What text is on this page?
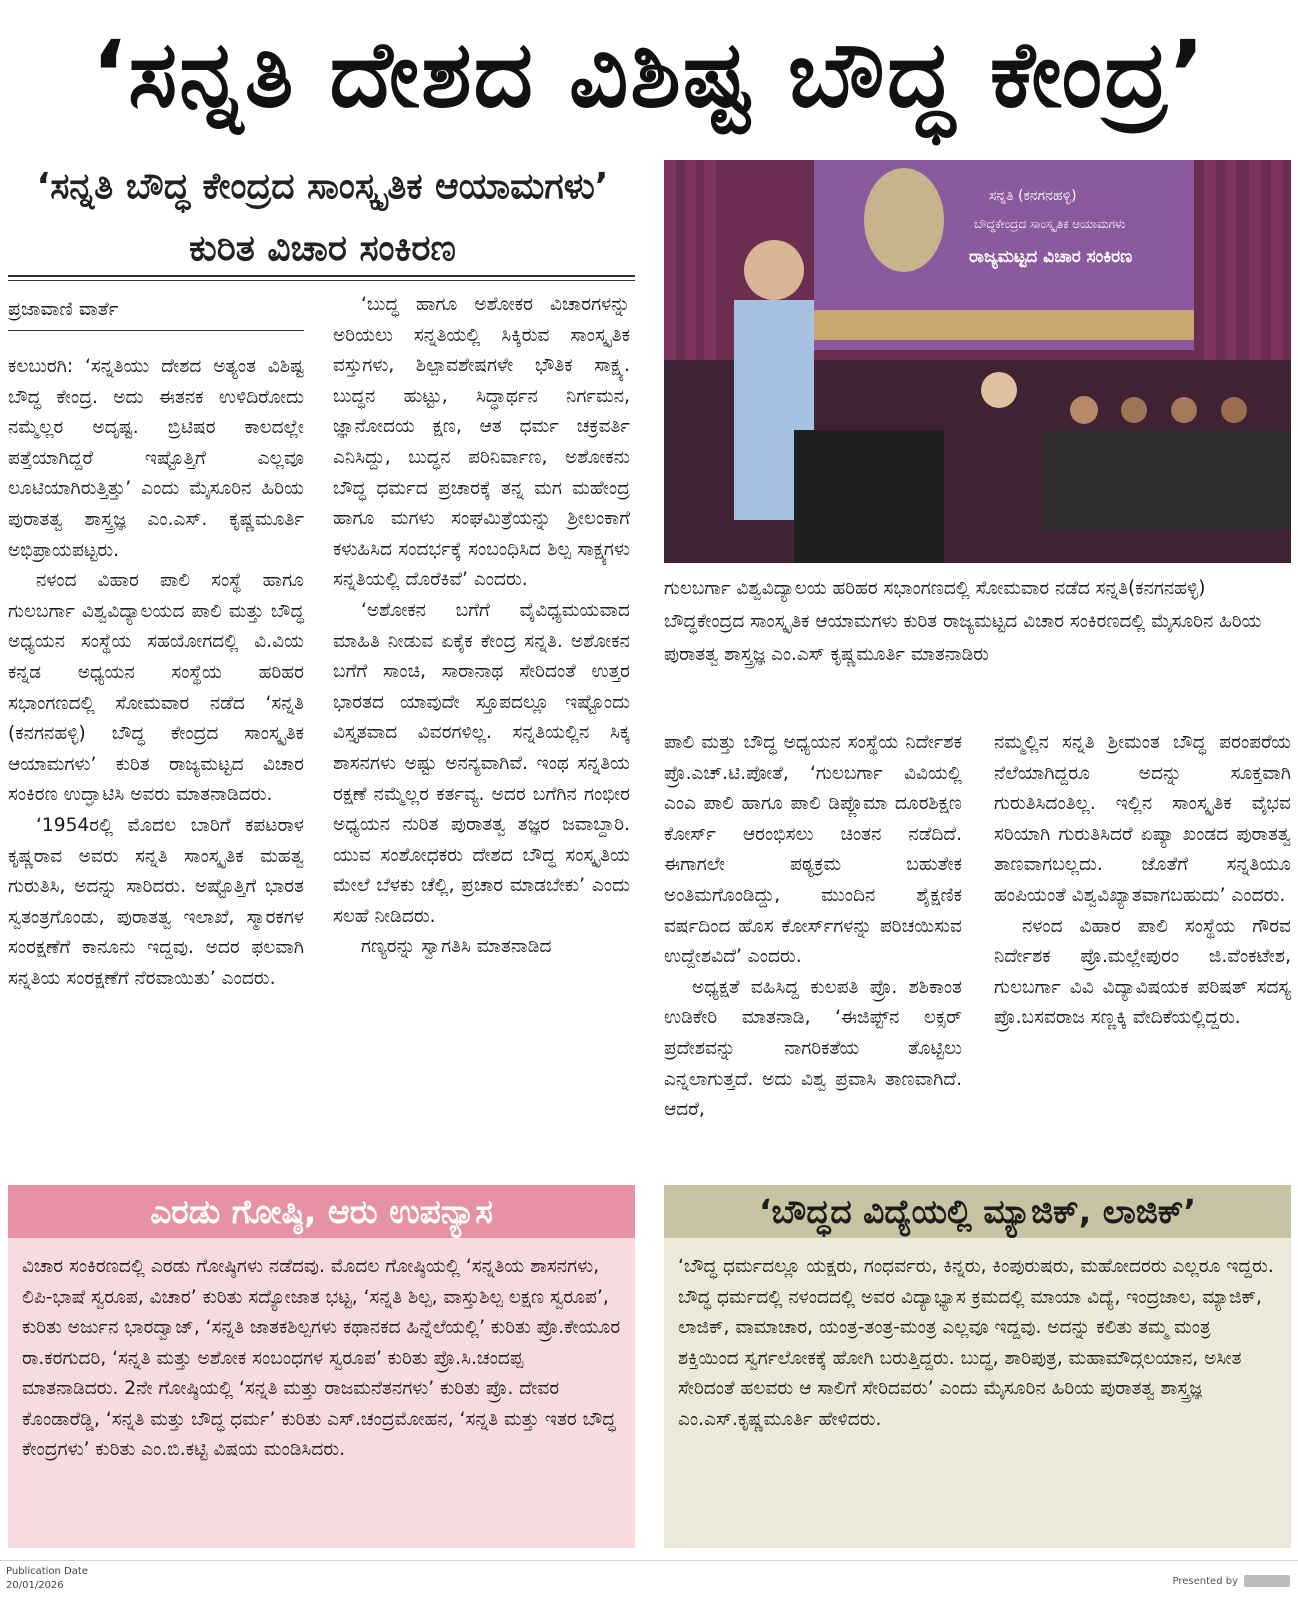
‘ಸನ್ನತಿ ದೇಶದ ವಿಶಿಷ್ಟ ಬೌದ್ಧ ಕೇಂದ್ರ’
‘ಸನ್ನತಿ ಬೌದ್ಧ ಕೇಂದ್ರದ ಸಾಂಸ್ಕೃತಿಕ ಆಯಾಮಗಳು’ ಕುರಿತ ವಿಚಾರ ಸಂಕಿರಣ
ಪ್ರಜಾವಾಣಿ ವಾರ್ತೆ

ಕಲಬುರಗಿ: ‘ಸನ್ನತಿಯು ದೇಶದ ಅತ್ಯಂತ ವಿಶಿಷ್ಟ ಬೌದ್ಧ ಕೇಂದ್ರ. ಅದು ಈತನಕ ಉಳಿದಿರೋದು ನಮ್ಮೆಲ್ಲರ ಅದೃಷ್ಟ. ಬ್ರಿಟಿಷರ ಕಾಲದಲ್ಲೇ ಪತ್ತೆಯಾಗಿದ್ದರೆ ಇಷ್ಟೊತ್ತಿಗೆ ಎಲ್ಲವೂ ಲೂಟಿಯಾಗಿರುತ್ತಿತ್ತು’ ಎಂದು ಮೈಸೂರಿನ ಹಿರಿಯ ಪುರಾತತ್ವ ಶಾಸ್ತ್ರಜ್ಞ ಎಂ.ಎಸ್. ಕೃಷ್ಣಮೂರ್ತಿ ಅಭಿಪ್ರಾಯಪಟ್ಟರು.

ನಳಂದ ವಿಹಾರ ಪಾಲಿ ಸಂಸ್ಥೆ ಹಾಗೂ ಗುಲಬರ್ಗಾ ವಿಶ್ವವಿದ್ಯಾಲಯದ ಪಾಲಿ ಮತ್ತು ಬೌದ್ಧ ಅಧ್ಯಯನ ಸಂಸ್ಥೆಯ ಸಹಯೋಗದಲ್ಲಿ ವಿ.ವಿಯ ಕನ್ನಡ ಅಧ್ಯಯನ ಸಂಸ್ಥೆಯ ಹರಿಹರ ಸಭಾಂಗಣದಲ್ಲಿ ಸೋಮವಾರ ನಡೆದ ‘ಸನ್ನತಿ (ಕನಗನಹಳ್ಳಿ) ಬೌದ್ಧ ಕೇಂದ್ರದ ಸಾಂಸ್ಕೃತಿಕ ಆಯಾಮಗಳು’ ಕುರಿತ ರಾಜ್ಯಮಟ್ಟದ ವಿಚಾರ ಸಂಕಿರಣ ಉದ್ಘಾಟಿಸಿ ಅವರು ಮಾತನಾಡಿದರು.

‘1954ರಲ್ಲಿ ಮೊದಲ ಬಾರಿಗೆ ಕಪಟರಾಳ ಕೃಷ್ಣರಾವ ಅವರು ಸನ್ನತಿ ಸಾಂಸ್ಕೃತಿಕ ಮಹತ್ವ ಗುರುತಿಸಿ, ಅದನ್ನು ಸಾರಿದರು. ಅಷ್ಟೊತ್ತಿಗೆ ಭಾರತ ಸ್ವತಂತ್ರಗೊಂಡು, ಪುರಾತತ್ವ ಇಲಾಖೆ, ಸ್ಮಾರಕಗಳ ಸಂರಕ್ಷಣೆಗೆ ಕಾನೂನು ಇದ್ದವು. ಅದರ ಫಲವಾಗಿ ಸನ್ನತಿಯ ಸಂರಕ್ಷಣೆಗೆ ನೆರವಾಯಿತು’ ಎಂದರು.

‘ಬುದ್ಧ ಹಾಗೂ ಅಶೋಕರ ವಿಚಾರಗಳನ್ನು ಅರಿಯಲು ಸನ್ನತಿಯಲ್ಲಿ ಸಿಕ್ಕಿರುವ ಸಾಂಸ್ಕೃತಿಕ ವಸ್ತುಗಳು, ಶಿಲ್ಪಾವಶೇಷಗಳೇ ಭೌತಿಕ ಸಾಕ್ಷ್ಯ. ಬುದ್ಧನ ಹುಟ್ಟು, ಸಿದ್ಧಾರ್ಥನ ನಿರ್ಗಮನ, ಜ್ಞಾನೋದಯ ಕ್ಷಣ, ಆತ ಧರ್ಮ ಚಕ್ರವರ್ತಿ ಎನಿಸಿದ್ದು, ಬುದ್ಧನ ಪರಿನಿರ್ವಾಣ, ಅಶೋಕನು ಬೌದ್ಧ ಧರ್ಮದ ಪ್ರಚಾರಕ್ಕೆ ತನ್ನ ಮಗ ಮಹೇಂದ್ರ ಹಾಗೂ ಮಗಳು ಸಂಘಮಿತ್ರೆಯನ್ನು ಶ್ರೀಲಂಕಾಗೆ ಕಳುಹಿಸಿದ ಸಂದರ್ಭಕ್ಕೆ ಸಂಬಂಧಿಸಿದ ಶಿಲ್ಪ ಸಾಕ್ಷ್ಯಗಳು ಸನ್ನತಿಯಲ್ಲಿ ದೊರೆಕಿವೆ’ ಎಂದರು.

‘ಅಶೋಕನ ಬಗೆಗೆ ವೈವಿಧ್ಯಮಯವಾದ ಮಾಹಿತಿ ನೀಡುವ ಏಕೈಕ ಕೇಂದ್ರ ಸನ್ನತಿ. ಅಶೋಕನ ಬಗೆಗೆ ಸಾಂಚಿ, ಸಾರಾನಾಥ ಸೇರಿದಂತೆ ಉತ್ತರ ಭಾರತದ ಯಾವುದೇ ಸ್ತೂಪದಲ್ಲೂ ಇಷ್ಟೊಂದು ವಿಸ್ತೃತವಾದ ವಿವರಗಳಿಲ್ಲ. ಸನ್ನತಿಯಲ್ಲಿನ ಸಿಕ್ಕ ಶಾಸನಗಳು ಅಷ್ಟು ಅನನ್ಯವಾಗಿವೆ. ಇಂಥ ಸನ್ನತಿಯ ರಕ್ಷಣೆ ನಮ್ಮೆಲ್ಲರ ಕರ್ತವ್ಯ. ಅದರ ಬಗೆಗಿನ ಗಂಭೀರ ಅಧ್ಯಯನ ನುರಿತ ಪುರಾತತ್ವ ತಜ್ಞರ ಜವಾಬ್ದಾರಿ. ಯುವ ಸಂಶೋಧಕರು ದೇಶದ ಬೌದ್ಧ ಸಂಸ್ಕೃತಿಯ ಮೇಲೆ ಬೆಳಕು ಚೆಲ್ಲಿ, ಪ್ರಚಾರ ಮಾಡಬೇಕು’ ಎಂದು ಸಲಹೆ ನೀಡಿದರು.

ಗಣ್ಯರನ್ನು ಸ್ವಾಗತಿಸಿ ಮಾತನಾಡಿದ

ಸನ್ನತಿ (ಕನಗನಹಳ್ಳಿ)
ಬೌದ್ಧಕೇಂದ್ರದ ಸಾಂಸ್ಕೃತಿಕ ಆಯಾಮಗಳು
ರಾಜ್ಯಮಟ್ಟದ ವಿಚಾರ ಸಂಕಿರಣ
ಗುಲಬರ್ಗಾ ವಿಶ್ವವಿದ್ಯಾಲಯ ಹರಿಹರ ಸಭಾಂಗಣದಲ್ಲಿ ಸೋಮವಾರ ನಡೆದ ಸನ್ನತಿ(ಕನಗನಹಳ್ಳಿ) ಬೌದ್ಧಕೇಂದ್ರದ ಸಾಂಸ್ಕೃತಿಕ ಆಯಾಮಗಳು ಕುರಿತ ರಾಜ್ಯಮಟ್ಟದ ವಿಚಾರ ಸಂಕಿರಣದಲ್ಲಿ ಮೈಸೂರಿನ ಹಿರಿಯ ಪುರಾತತ್ವ ಶಾಸ್ತ್ರಜ್ಞ ಎಂ.ಎಸ್ ಕೃಷ್ಣಮೂರ್ತಿ ಮಾತನಾಡಿರು

ಪಾಲಿ ಮತ್ತು ಬೌದ್ಧ ಅಧ್ಯಯನ ಸಂಸ್ಥೆಯ ನಿರ್ದೇಶಕ ಪ್ರೊ.ಎಚ್.ಟಿ.ಪೋತೆ, ‘ಗುಲಬರ್ಗಾ ವಿವಿಯಲ್ಲಿ ಎಂಎ ಪಾಲಿ ಹಾಗೂ ಪಾಲಿ ಡಿಪ್ಲೊಮಾ ದೂರಶಿಕ್ಷಣ ಕೋರ್ಸ್ ಆರಂಭಿಸಲು ಚಿಂತನ ನಡೆದಿದೆ. ಈಗಾಗಲೇ ಪಠ್ಯಕ್ರಮ ಬಹುತೇಕ ಅಂತಿಮಗೊಂಡಿದ್ದು, ಮುಂದಿನ ಶೈಕ್ಷಣಿಕ ವರ್ಷದಿಂದ ಹೊಸ ಕೋರ್ಸ್‌ಗಳನ್ನು ಪರಿಚಯಿಸುವ ಉದ್ದೇಶವಿದೆ’ ಎಂದರು.

ಅಧ್ಯಕ್ಷತೆ ವಹಿಸಿದ್ದ ಕುಲಪತಿ ಪ್ರೊ. ಶಶಿಕಾಂತ ಉಡಿಕೇರಿ ಮಾತನಾಡಿ, ‘ಈಜಿಪ್ಟ್‌ನ ಲಕ್ಸರ್ ಪ್ರದೇಶವನ್ನು ನಾಗರಿಕತೆಯ ತೊಟ್ಟಿಲು ಎನ್ನಲಾಗುತ್ತದೆ. ಅದು ವಿಶ್ವ ಪ್ರವಾಸಿ ತಾಣವಾಗಿದೆ. ಆದರೆ,

ನಮ್ಮಲ್ಲಿನ ಸನ್ನತಿ ಶ್ರೀಮಂತ ಬೌದ್ಧ ಪರಂಪರೆಯ ನೆಲೆಯಾಗಿದ್ದರೂ ಅದನ್ನು ಸೂಕ್ತವಾಗಿ ಗುರುತಿಸಿದಂತಿಲ್ಲ. ಇಲ್ಲಿನ ಸಾಂಸ್ಕೃತಿಕ ವೈಭವ ಸರಿಯಾಗಿ ಗುರುತಿಸಿದರೆ ಏಷ್ಯಾ ಖಂಡದ ಪುರಾತತ್ವ ತಾಣವಾಗಬಲ್ಲದು. ಜೊತೆಗೆ ಸನ್ನತಿಯೂ ಹಂಪಿಯಂತೆ ವಿಶ್ವವಿಖ್ಯಾತವಾಗಬಹುದು’ ಎಂದರು.

ನಳಂದ ವಿಹಾರ ಪಾಲಿ ಸಂಸ್ಥೆಯ ಗೌರವ ನಿರ್ದೇಶಕ ಪ್ರೊ.ಮಲ್ಲೇಪುರಂ ಜಿ.ವೆಂಕಟೇಶ, ಗುಲಬರ್ಗಾ ವಿವಿ ವಿದ್ಯಾವಿಷಯಕ ಪರಿಷತ್ ಸದಸ್ಯ ಪ್ರೊ.ಬಸವರಾಜ ಸಣ್ಣಕ್ಕಿ ವೇದಿಕೆಯಲ್ಲಿದ್ದರು.

ಎರಡು ಗೋಷ್ಠಿ, ಆರು ಉಪನ್ಯಾಸ
ವಿಚಾರ ಸಂಕಿರಣದಲ್ಲಿ ಎರಡು ಗೋಷ್ಠಿಗಳು ನಡೆದವು. ಮೊದಲ ಗೋಷ್ಠಿಯಲ್ಲಿ ‘ಸನ್ನತಿಯ ಶಾಸನಗಳು, ಲಿಪಿ-ಭಾಷೆ ಸ್ವರೂಪ, ವಿಚಾರ’ ಕುರಿತು ಸದ್ಯೋಜಾತ ಭಟ್ಟ, ‘ಸನ್ನತಿ ಶಿಲ್ಪ, ವಾಸ್ತುಶಿಲ್ಪ ಲಕ್ಷಣ ಸ್ವರೂಪ’, ಕುರಿತು ಅರ್ಜುನ ಭಾರದ್ವಾಜ್, ‘ಸನ್ನತಿ ಜಾತಕಶಿಲ್ಪಗಳು ಕಥಾನಕದ ಹಿನ್ನೆಲೆಯಲ್ಲಿ’ ಕುರಿತು ಪ್ರೊ.ಕೇಯೂರ ರಾ.ಕರಗುದರಿ, ‘ಸನ್ನತಿ ಮತ್ತು ಅಶೋಕ ಸಂಬಂಧಗಳ ಸ್ವರೂಪ’ ಕುರಿತು ಪ್ರೊ.ಸಿ.ಚಂದಪ್ಪ ಮಾತನಾಡಿದರು. 2ನೇ ಗೋಷ್ಠಿಯಲ್ಲಿ ‘ಸನ್ನತಿ ಮತ್ತು ರಾಜಮನೆತನಗಳು’ ಕುರಿತು ಪ್ರೊ. ದೇವರ ಕೊಂಡಾರೆಡ್ಡಿ, ‘ಸನ್ನತಿ ಮತ್ತು ಬೌದ್ಧ ಧರ್ಮ’ ಕುರಿತು ಎಸ್.ಚಂದ್ರಮೋಹನ, ‘ಸನ್ನತಿ ಮತ್ತು ಇತರ ಬೌದ್ಧ ಕೇಂದ್ರಗಳು’ ಕುರಿತು ಎಂ.ಬಿ.ಕಟ್ಟಿ ವಿಷಯ ಮಂಡಿಸಿದರು.
‘ಬೌದ್ಧದ ವಿದ್ಯೆಯಲ್ಲಿ ಮ್ಯಾಜಿಕ್, ಲಾಜಿಕ್’
‘ಬೌದ್ಧ ಧರ್ಮದಲ್ಲೂ ಯಕ್ಷರು, ಗಂಧರ್ವರು, ಕಿನ್ನರು, ಕಿಂಪುರುಷರು, ಮಹೋದರರು ಎಲ್ಲರೂ ಇದ್ದರು. ಬೌದ್ಧ ಧರ್ಮದಲ್ಲಿ ನಳಂದದಲ್ಲಿ ಅವರ ವಿದ್ಯಾಭ್ಯಾಸ ಕ್ರಮದಲ್ಲಿ ಮಾಯಾ ವಿದ್ಯೆ, ಇಂದ್ರಜಾಲ, ಮ್ಯಾಜಿಕ್, ಲಾಜಿಕ್, ವಾಮಾಚಾರ, ಯಂತ್ರ-ತಂತ್ರ-ಮಂತ್ರ ಎಲ್ಲವೂ ಇದ್ದವು. ಅದನ್ನು ಕಲಿತು ತಮ್ಮ ಮಂತ್ರ ಶಕ್ತಿಯಿಂದ ಸ್ವರ್ಗಲೋಕಕ್ಕೆ ಹೋಗಿ ಬರುತ್ತಿದ್ದರು. ಬುದ್ಧ, ಶಾರಿಪುತ್ರ, ಮಹಾಮೌದ್ಗಲಯಾನ, ಅಸೀತ ಸೇರಿದಂತೆ ಹಲವರು ಆ ಸಾಲಿಗೆ ಸೇರಿದವರು’ ಎಂದು ಮೈಸೂರಿನ ಹಿರಿಯ ಪುರಾತತ್ವ ಶಾಸ್ತ್ರಜ್ಞ ಎಂ.ಎಸ್.ಕೃಷ್ಣಮೂರ್ತಿ ಹೇಳಿದರು.
Publication Date
20/01/2026	Presented by
